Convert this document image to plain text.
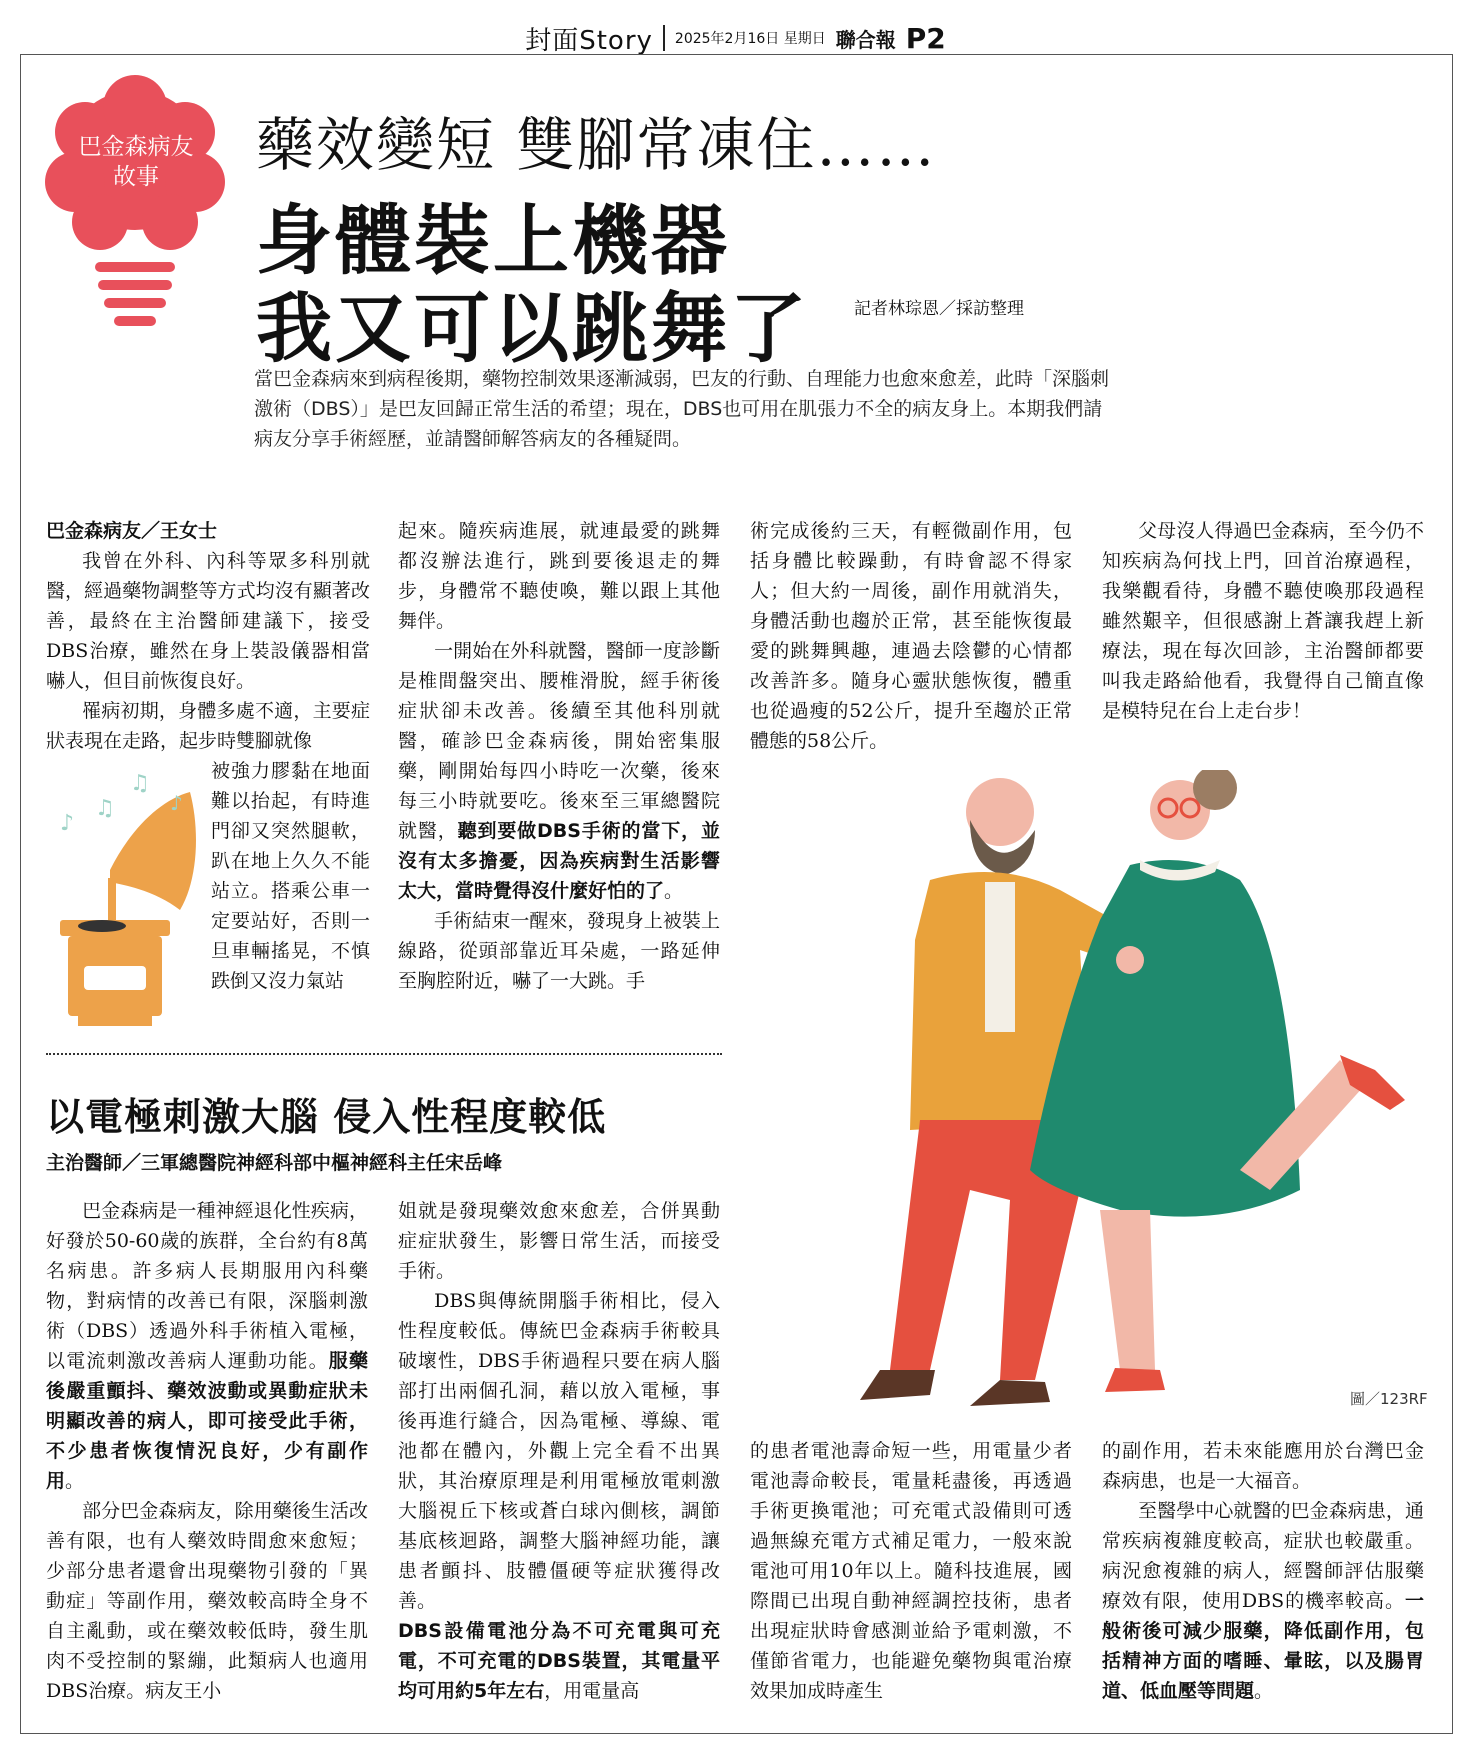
封面Story 2025年2月16日 星期日 聯合報 P2
巴金森病友
故事	藥效變短 雙腳常凍住……
身體裝上機器
我又可以跳舞了	記者林琮恩／採訪整理
當巴金森病來到病程後期，藥物控制效果逐漸減弱，巴友的行動、自理能力也愈來愈差，此時「深腦刺激術（DBS）」是巴友回歸正常生活的希望；現在，DBS也可用在肌張力不全的病友身上。本期我們請病友分享手術經歷，並請醫師解答病友的各種疑問。
巴金森病友／王女士

我曾在外科、內科等眾多科別就醫，經過藥物調整等方式均沒有顯著改善，最終在主治醫師建議下，接受DBS治療，雖然在身上裝設儀器相當嚇人，但目前恢復良好。

罹病初期，身體多處不適，主要症狀表現在走路，起步時雙腳就像

被強力膠黏在地面難以抬起，有時進門卻又突然腿軟，趴在地上久久不能站立。搭乘公車一定要站好，否則一旦車輛搖晃，不慎跌倒又沒力氣站

♪
♫
♫
♪

起來。隨疾病進展，就連最愛的跳舞都沒辦法進行，跳到要後退走的舞步，身體常不聽使喚，難以跟上其他舞伴。

一開始在外科就醫，醫師一度診斷是椎間盤突出、腰椎滑脫，經手術後症狀卻未改善。後續至其他科別就醫，確診巴金森病後，開始密集服藥，剛開始每四小時吃一次藥，後來每三小時就要吃。後來至三軍總醫院就醫，聽到要做DBS手術的當下，並沒有太多擔憂，因為疾病對生活影響太大，當時覺得沒什麼好怕的了。

手術結束一醒來，發現身上被裝上線路，從頭部靠近耳朵處，一路延伸至胸腔附近，嚇了一大跳。手

術完成後約三天，有輕微副作用，包括身體比較躁動，有時會認不得家人；但大約一周後，副作用就消失，身體活動也趨於正常，甚至能恢復最愛的跳舞興趣，連過去陰鬱的心情都改善許多。隨身心靈狀態恢復，體重也從過瘦的52公斤，提升至趨於正常體態的58公斤。

父母沒人得過巴金森病，至今仍不知疾病為何找上門，回首治療過程，我樂觀看待，身體不聽使喚那段過程雖然艱辛，但很感謝上蒼讓我趕上新療法，現在每次回診，主治醫師都要叫我走路給他看，我覺得自己簡直像是模特兒在台上走台步！

圖／123RF
以電極刺激大腦 侵入性程度較低
主治醫師／三軍總醫院神經科部中樞神經科主任宋岳峰

巴金森病是一種神經退化性疾病，好發於50-60歲的族群，全台約有8萬名病患。許多病人長期服用內科藥物，對病情的改善已有限，深腦刺激術（DBS）透過外科手術植入電極，以電流刺激改善病人運動功能。服藥後嚴重顫抖、藥效波動或異動症狀未明顯改善的病人，即可接受此手術，不少患者恢復情況良好，少有副作用。

部分巴金森病友，除用藥後生活改善有限，也有人藥效時間愈來愈短；少部分患者還會出現藥物引發的「異動症」等副作用，藥效較高時全身不自主亂動，或在藥效較低時，發生肌肉不受控制的緊繃，此類病人也適用DBS治療。病友王小

姐就是發現藥效愈來愈差，合併異動症症狀發生，影響日常生活，而接受手術。

DBS與傳統開腦手術相比，侵入性程度較低。傳統巴金森病手術較具破壞性，DBS手術過程只要在病人腦部打出兩個孔洞，藉以放入電極，事後再進行縫合，因為電極、導線、電池都在體內，外觀上完全看不出異狀，其治療原理是利用電極放電刺激大腦視丘下核或蒼白球內側核，調節基底核迴路，調整大腦神經功能，讓患者顫抖、肢體僵硬等症狀獲得改善。

DBS設備電池分為不可充電與可充電，不可充電的DBS裝置，其電量平均可用約5年左右，用電量高

的患者電池壽命短一些，用電量少者電池壽命較長，電量耗盡後，再透過手術更換電池；可充電式設備則可透過無線充電方式補足電力，一般來說電池可用10年以上。隨科技進展，國際間已出現自動神經調控技術，患者出現症狀時會感測並給予電刺激，不僅節省電力，也能避免藥物與電治療效果加成時產生

的副作用，若未來能應用於台灣巴金森病患，也是一大福音。

至醫學中心就醫的巴金森病患，通常疾病複雜度較高，症狀也較嚴重。病況愈複雜的病人，經醫師評估服藥療效有限，使用DBS的機率較高。一般術後可減少服藥，降低副作用，包括精神方面的嗜睡、暈眩，以及腸胃道、低血壓等問題。
